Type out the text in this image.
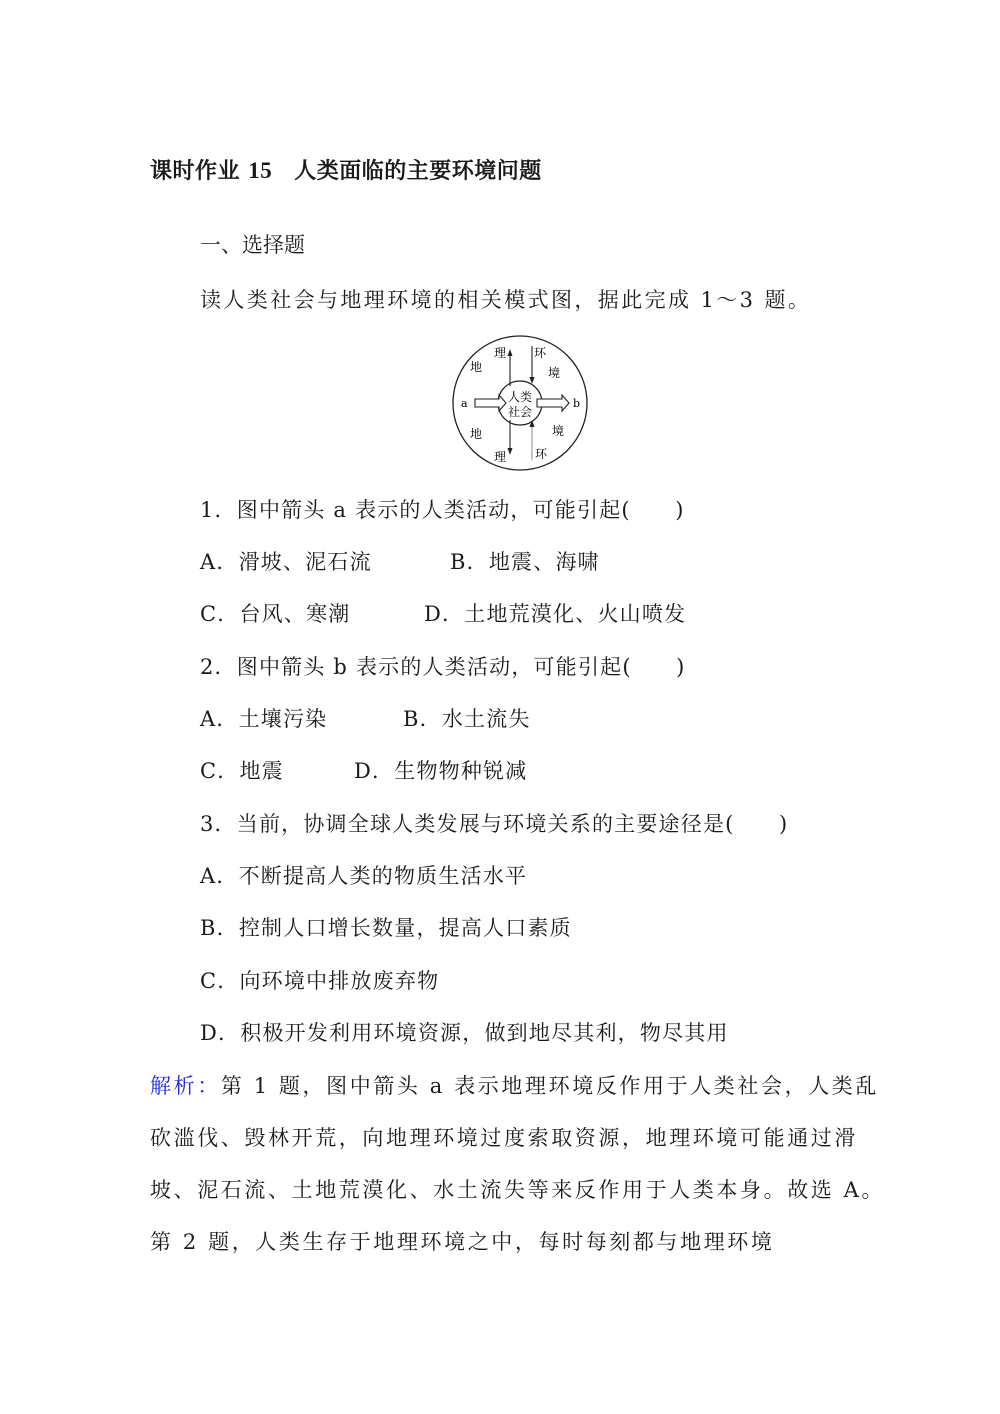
课时作业 15 人类面临的主要环境问题
一、选择题
读人类社会与地理环境的相关模式图，据此完成 1～3 题。
a	b
人类
社会
理
地
环
境
地
理
境
环
1．图中箭头 a 表示的人类活动，可能引起(　　)
A．滑坡、泥石流	B．地震、海啸
C．台风、寒潮	D．土地荒漠化、火山喷发
2．图中箭头 b 表示的人类活动，可能引起(　　)
A．土壤污染	B．水土流失
C．地震	D．生物物种锐减
3．当前，协调全球人类发展与环境关系的主要途径是(　　)
A．不断提高人类的物质生活水平
B．控制人口增长数量，提高人口素质
C．向环境中排放废弃物
D．积极开发利用环境资源，做到地尽其利，物尽其用
解析：第 1 题，图中箭头 a 表示地理环境反作用于人类社会，人类乱
砍滥伐、毁林开荒，向地理环境过度索取资源，地理环境可能通过滑
坡、泥石流、土地荒漠化、水土流失等来反作用于人类本身。故选 A。
第 2 题，人类生存于地理环境之中，每时每刻都与地理环境
